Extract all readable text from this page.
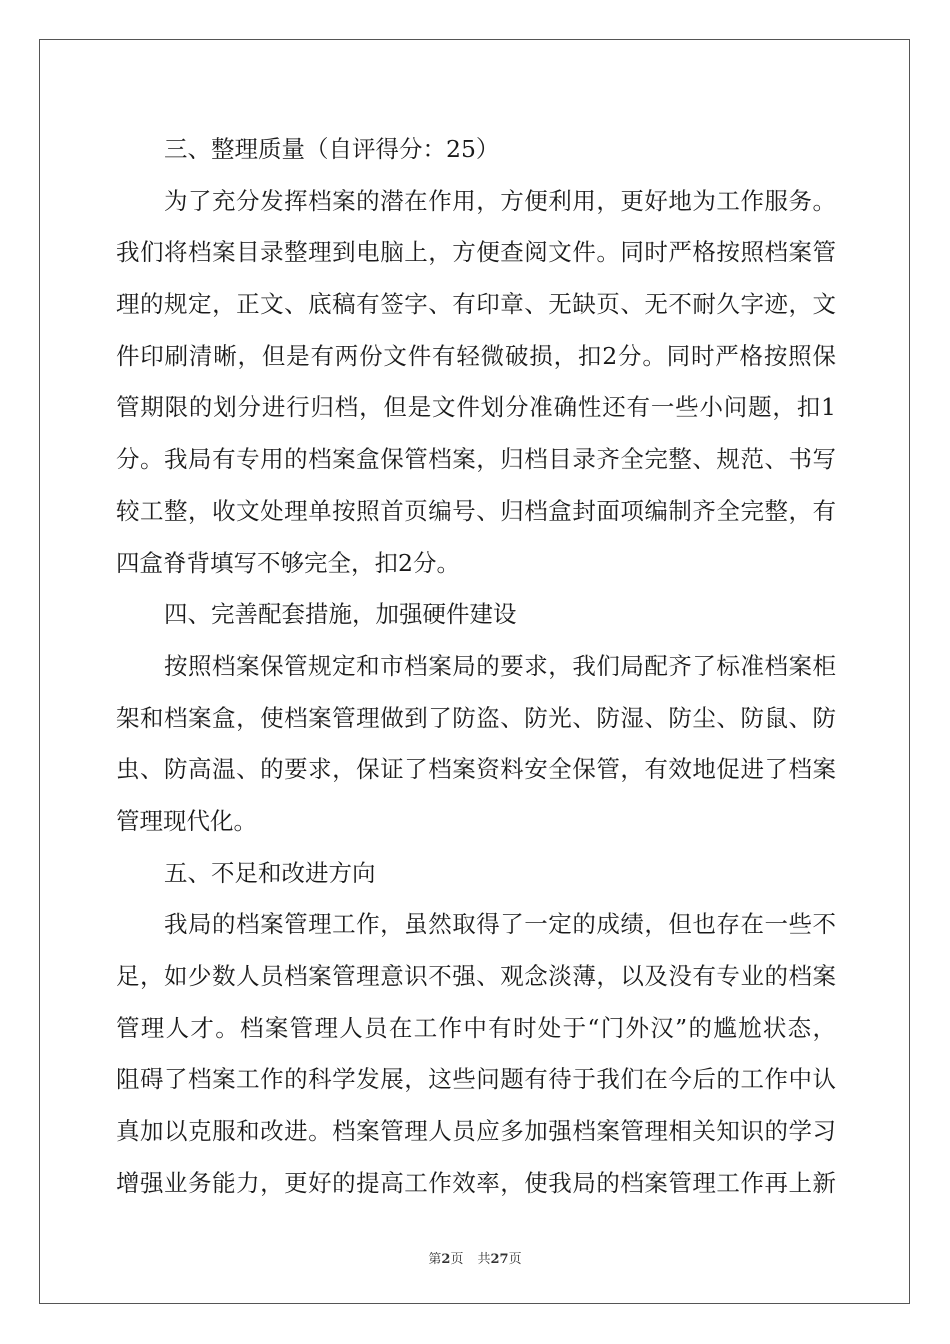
三、整理质量（自评得分：25）
为了充分发挥档案的潜在作用，方便利用，更好地为工作服务。
我们将档案目录整理到电脑上，方便查阅文件。同时严格按照档案管
理的规定，正文、底稿有签字、有印章、无缺页、无不耐久字迹，文
件印刷清晰，但是有两份文件有轻微破损，扣2分。同时严格按照保
管期限的划分进行归档，但是文件划分准确性还有一些小问题，扣1
分。我局有专用的档案盒保管档案，归档目录齐全完整、规范、书写
较工整，收文处理单按照首页编号、归档盒封面项编制齐全完整，有
四盒脊背填写不够完全，扣2分。
四、完善配套措施，加强硬件建设
按照档案保管规定和市档案局的要求，我们局配齐了标准档案柜
架和档案盒，使档案管理做到了防盗、防光、防湿、防尘、防鼠、防
虫、防高温、的要求，保证了档案资料安全保管，有效地促进了档案
管理现代化。
五、不足和改进方向
我局的档案管理工作，虽然取得了一定的成绩，但也存在一些不
足，如少数人员档案管理意识不强、观念淡薄，以及没有专业的档案
管理人才。档案管理人员在工作中有时处于“门外汉”的尴尬状态，
阻碍了档案工作的科学发展，这些问题有待于我们在今后的工作中认
真加以克服和改进。档案管理人员应多加强档案管理相关知识的学习
增强业务能力，更好的提高工作效率，使我局的档案管理工作再上新
第2页 共27页
